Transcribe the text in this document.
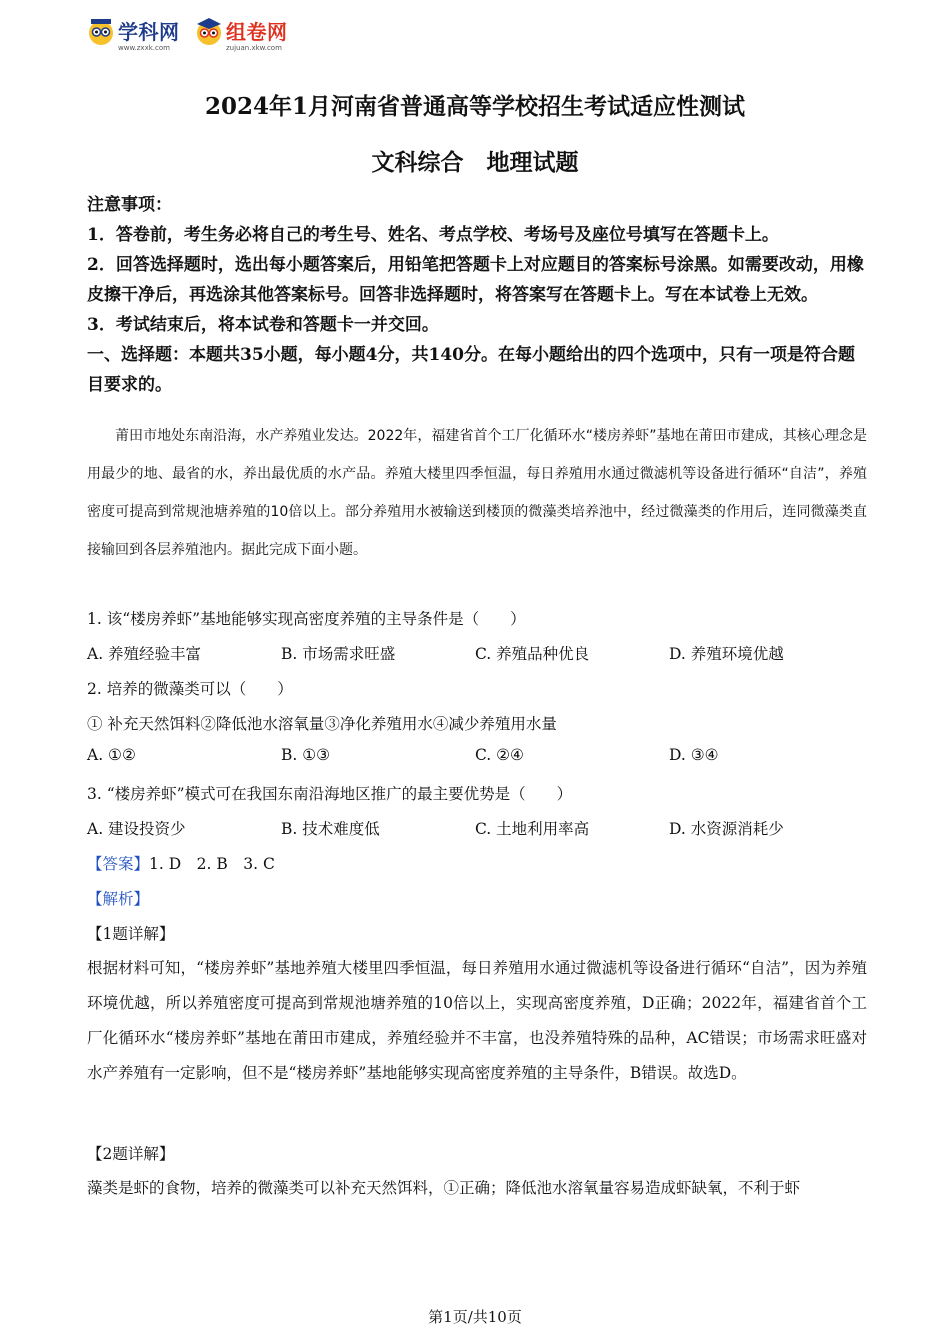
学科网
www.zxxk.com
组卷网
zujuan.xkw.com
2024年1月河南省普通高等学校招生考试适应性测试
文科综合　地理试题
注意事项：
1．答卷前，考生务必将自己的考生号、姓名、考点学校、考场号及座位号填写在答题卡上。
2．回答选择题时，选出每小题答案后，用铅笔把答题卡上对应题目的答案标号涂黑。如需要改动，用橡皮擦干净后，再选涂其他答案标号。回答非选择题时，将答案写在答题卡上。写在本试卷上无效。
3．考试结束后，将本试卷和答题卡一并交回。
一、选择题：本题共35小题，每小题4分，共140分。在每小题给出的四个选项中，只有一项是符合题目要求的。
莆田市地处东南沿海，水产养殖业发达。2022年，福建省首个工厂化循环水“楼房养虾”基地在莆田市建成，其核心理念是用最少的地、最省的水，养出最优质的水产品。养殖大楼里四季恒温，每日养殖用水通过微滤机等设备进行循环“自洁”，养殖密度可提高到常规池塘养殖的10倍以上。部分养殖用水被输送到楼顶的微藻类培养池中，经过微藻类的作用后，连同微藻类直接输回到各层养殖池内。据此完成下面小题。
1. 该“楼房养虾”基地能够实现高密度养殖的主导条件是（　　）
A. 养殖经验丰富	B. 市场需求旺盛	C. 养殖品种优良	D. 养殖环境优越
2. 培养的微藻类可以（　　）
① 补充天然饵料②降低池水溶氧量③净化养殖用水④减少养殖用水量
A. ①②	B. ①③	C. ②④	D. ③④
3. “楼房养虾”模式可在我国东南沿海地区推广的最主要优势是（　　）
A. 建设投资少	B. 技术难度低	C. 土地利用率高	D. 水资源消耗少
【答案】1. D　2. B　3. C
【解析】
【1题详解】
根据材料可知，“楼房养虾”基地养殖大楼里四季恒温，每日养殖用水通过微滤机等设备进行循环“自洁”，因为养殖环境优越，所以养殖密度可提高到常规池塘养殖的10倍以上，实现高密度养殖，D正确；2022年，福建省首个工厂化循环水“楼房养虾”基地在莆田市建成，养殖经验并不丰富，也没养殖特殊的品种，AC错误；市场需求旺盛对水产养殖有一定影响，但不是“楼房养虾”基地能够实现高密度养殖的主导条件，B错误。故选D。
【2题详解】
藻类是虾的食物，培养的微藻类可以补充天然饵料，①正确；降低池水溶氧量容易造成虾缺氧，不利于虾
第1页/共10页
